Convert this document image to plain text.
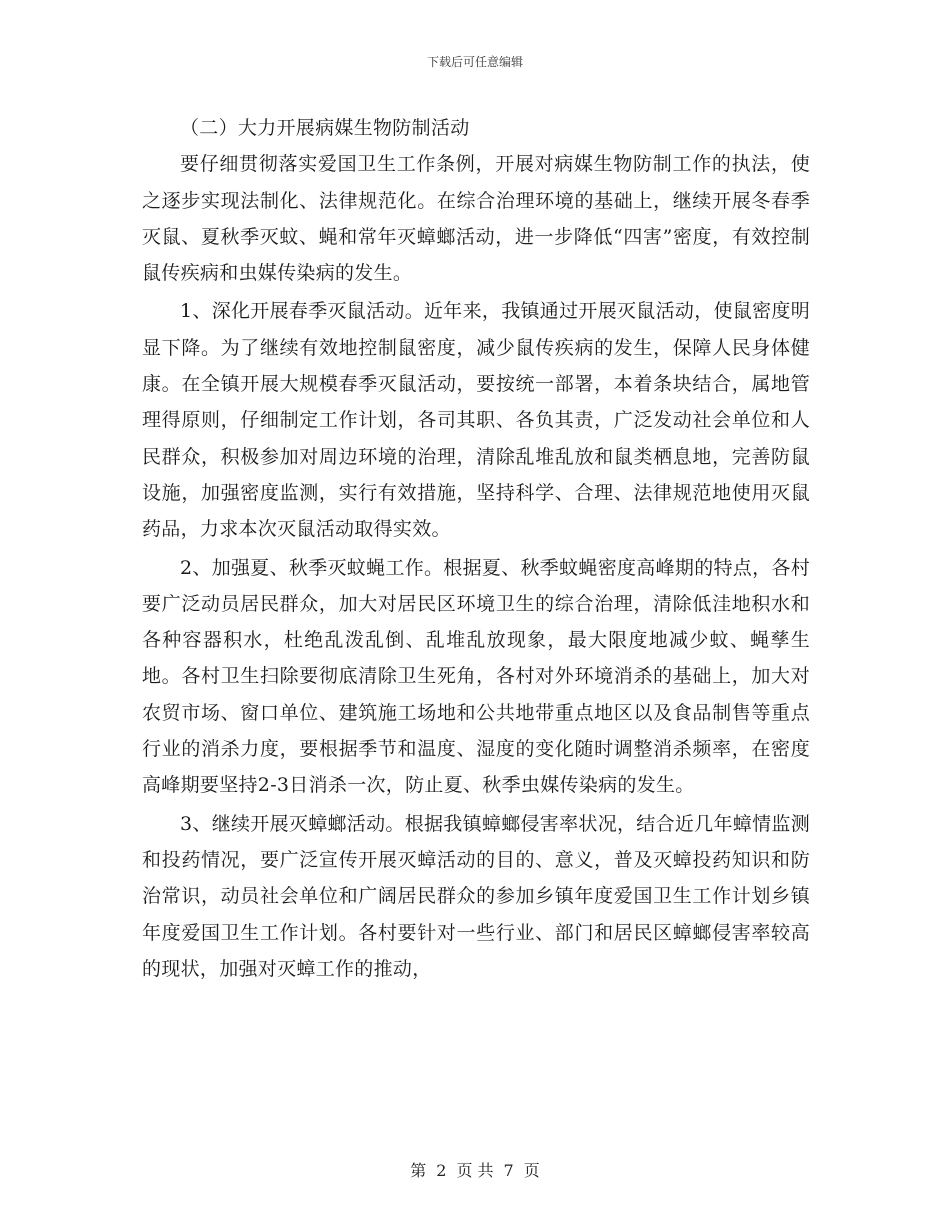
下载后可任意编辑

（二）大力开展病媒生物防制活动

要仔细贯彻落实爱国卫生工作条例，开展对病媒生物防制工作的执法，使之逐步实现法制化、法律规范化。在综合治理环境的基础上，继续开展冬春季灭鼠、夏秋季灭蚊、蝇和常年灭蟑螂活动，进一步降低“四害”密度，有效控制鼠传疾病和虫媒传染病的发生。

1、深化开展春季灭鼠活动。近年来，我镇通过开展灭鼠活动，使鼠密度明显下降。为了继续有效地控制鼠密度，减少鼠传疾病的发生，保障人民身体健康。在全镇开展大规模春季灭鼠活动，要按统一部署，本着条块结合，属地管理得原则，仔细制定工作计划，各司其职、各负其责，广泛发动社会单位和人民群众，积极参加对周边环境的治理，清除乱堆乱放和鼠类栖息地，完善防鼠设施，加强密度监测，实行有效措施，坚持科学、合理、法律规范地使用灭鼠药品，力求本次灭鼠活动取得实效。

2、加强夏、秋季灭蚊蝇工作。根据夏、秋季蚊蝇密度高峰期的特点，各村要广泛动员居民群众，加大对居民区环境卫生的综合治理，清除低洼地积水和各种容器积水，杜绝乱泼乱倒、乱堆乱放现象，最大限度地减少蚊、蝇孳生地。各村卫生扫除要彻底清除卫生死角，各村对外环境消杀的基础上，加大对农贸市场、窗口单位、建筑施工场地和公共地带重点地区以及食品制售等重点行业的消杀力度，要根据季节和温度、湿度的变化随时调整消杀频率，在密度高峰期要坚持2-3日消杀一次，防止夏、秋季虫媒传染病的发生。

3、继续开展灭蟑螂活动。根据我镇蟑螂侵害率状况，结合近几年蟑情监测和投药情况，要广泛宣传开展灭蟑活动的目的、意义，普及灭蟑投药知识和防治常识，动员社会单位和广阔居民群众的参加乡镇年度爱国卫生工作计划乡镇年度爱国卫生工作计划。各村要针对一些行业、部门和居民区蟑螂侵害率较高的现状，加强对灭蟑工作的推动，

第 2 页 共 7 页
